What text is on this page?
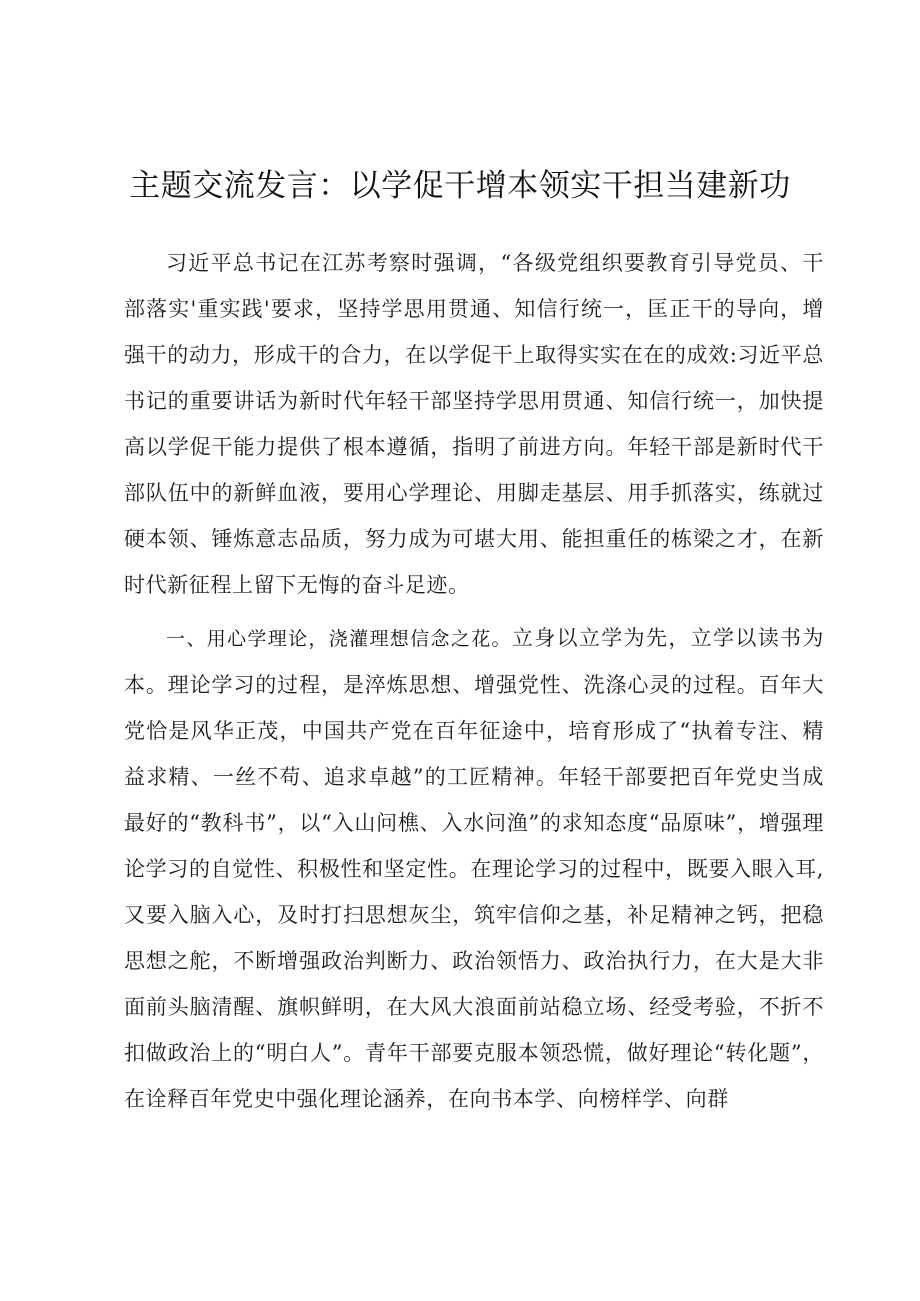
主题交流发言：以学促干增本领实干担当建新功

习近平总书记在江苏考察时强调，“各级党组织要教育引导党员、干部落实'重实践'要求，坚持学思用贯通、知信行统一，匡正干的导向，增强干的动力，形成干的合力，在以学促干上取得实实在在的成效:习近平总书记的重要讲话为新时代年轻干部坚持学思用贯通、知信行统一，加快提高以学促干能力提供了根本遵循，指明了前进方向。年轻干部是新时代干部队伍中的新鲜血液，要用心学理论、用脚走基层、用手抓落实，练就过硬本领、锤炼意志品质，努力成为可堪大用、能担重任的栋梁之才，在新时代新征程上留下无悔的奋斗足迹。

一、用心学理论，浇灌理想信念之花。立身以立学为先，立学以读书为本。理论学习的过程，是淬炼思想、增强党性、洗涤心灵的过程。百年大党恰是风华正茂，中国共产党在百年征途中，培育形成了“执着专注、精益求精、一丝不苟、追求卓越”的工匠精神。年轻干部要把百年党史当成最好的“教科书”，以“入山问樵、入水问渔”的求知态度“品原味”，增强理论学习的自觉性、积极性和坚定性。在理论学习的过程中，既要入眼入耳,又要入脑入心，及时打扫思想灰尘，筑牢信仰之基，补足精神之钙，把稳思想之舵，不断增强政治判断力、政治领悟力、政治执行力，在大是大非面前头脑清醒、旗帜鲜明，在大风大浪面前站稳立场、经受考验，不折不扣做政治上的“明白人”。青年干部要克服本领恐慌，做好理论“转化题”，在诠释百年党史中强化理论涵养，在向书本学、向榜样学、向群
